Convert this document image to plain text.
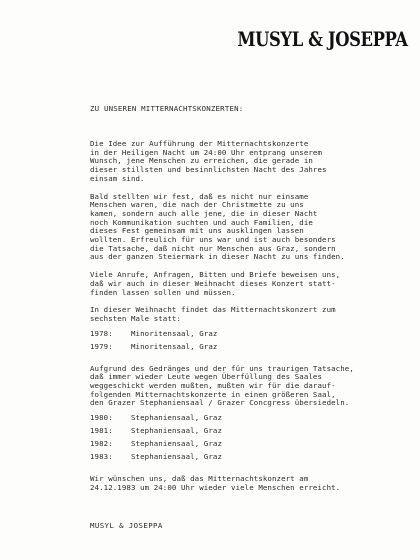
MUSYL & JOSEPPA
ZU UNSEREN MITTERNACHTSKONZERTEN:

Die Idee zur Aufführung der Mitternachtskonzerte
in der Heiligen Nacht um 24:00 Uhr entprang unserem
Wunsch, jene Menschen zu erreichen, die gerade in
dieser stillsten und besinnlichsten Nacht des Jahres
einsam sind.

Bald stellten wir fest, daß es nicht nur einsame
Menschen waren, die nach der Christmette zu uns
kamen, sondern auch alle jene, die in dieser Nacht
noch Kommunikation suchten und auch Familien, die
dieses Fest gemeinsam mit uns ausklingen lassen
wollten. Erfreulich für uns war und ist auch besonders
die Tatsache, daß nicht nur Menschen aus Graz, sondern
aus der ganzen Steiermark in dieser Nacht zu uns finden.

Viele Anrufe, Anfragen, Bitten und Briefe beweisen uns,
daß wir auch in dieser Weihnacht dieses Konzert statt-
finden lassen sollen und müssen.

In dieser Weihnacht findet das Mitternachtskonzert zum
sechsten Male statt:

1978:	Minoritensaal, Graz
1979:	Minoritensaal, Graz

Aufgrund des Gedränges und der für uns traurigen Tatsache,
daß immer wieder Leute wegen Überfüllung des Saales
weggeschickt werden mußten, mußten wir für die darauf-
folgenden Mitternachtskonzerte in einen größeren Saal,
den Grazer Stephaniensaal / Grazer Concgress übersiedeln.

1980:	Stephaniensaal, Graz
1981:	Stephaniensaal, Graz
1982:	Stephaniensaal, Graz
1983:	Stephaniensaal, Graz

Wir wünschen uns, daß das Mitternachtskonzert am
24.12.1983 um 24:00 Uhr wieder viele Menschen erreicht.

MUSYL & JOSEPPA
